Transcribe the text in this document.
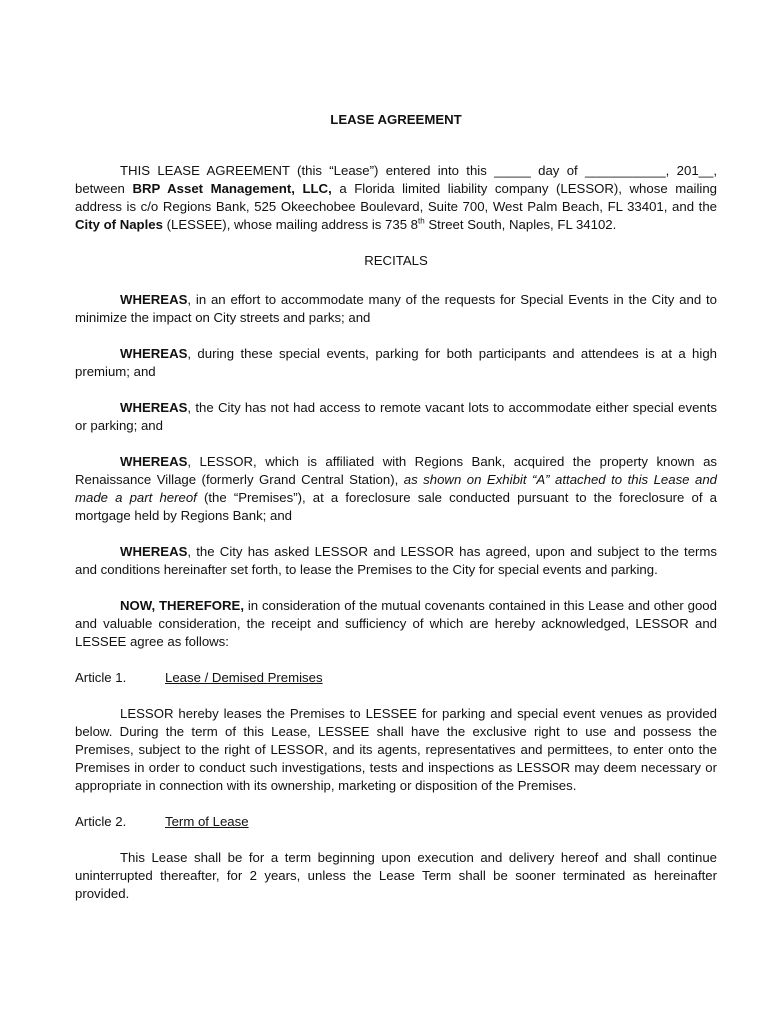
LEASE AGREEMENT

THIS LEASE AGREEMENT (this “Lease”) entered into this _____ day of ___________, 201__, between BRP Asset Management, LLC, a Florida limited liability company (LESSOR), whose mailing address is c/o Regions Bank, 525 Okeechobee Boulevard, Suite 700, West Palm Beach, FL 33401, and the City of Naples (LESSEE), whose mailing address is 735 8th Street South, Naples, FL 34102.

RECITALS

WHEREAS, in an effort to accommodate many of the requests for Special Events in the City and to minimize the impact on City streets and parks; and

WHEREAS, during these special events, parking for both participants and attendees is at a high premium; and

WHEREAS, the City has not had access to remote vacant lots to accommodate either special events or parking; and

WHEREAS, LESSOR, which is affiliated with Regions Bank, acquired the property known as Renaissance Village (formerly Grand Central Station), as shown on Exhibit “A” attached to this Lease and made a part hereof (the “Premises”), at a foreclosure sale conducted pursuant to the foreclosure of a mortgage held by Regions Bank; and

WHEREAS, the City has asked LESSOR and LESSOR has agreed, upon and subject to the terms and conditions hereinafter set forth, to lease the Premises to the City for special events and parking.

NOW, THEREFORE, in consideration of the mutual covenants contained in this Lease and other good and valuable consideration, the receipt and sufficiency of which are hereby acknowledged, LESSOR and LESSEE agree as follows:

Article 1.	Lease / Demised Premises

LESSOR hereby leases the Premises to LESSEE for parking and special event venues as provided below. During the term of this Lease, LESSEE shall have the exclusive right to use and possess the Premises, subject to the right of LESSOR, and its agents, representatives and permittees, to enter onto the Premises in order to conduct such investigations, tests and inspections as LESSOR may deem necessary or appropriate in connection with its ownership, marketing or disposition of the Premises.

Article 2.	Term of Lease

This Lease shall be for a term beginning upon execution and delivery hereof and shall continue uninterrupted thereafter, for 2 years, unless the Lease Term shall be sooner terminated as hereinafter provided.
